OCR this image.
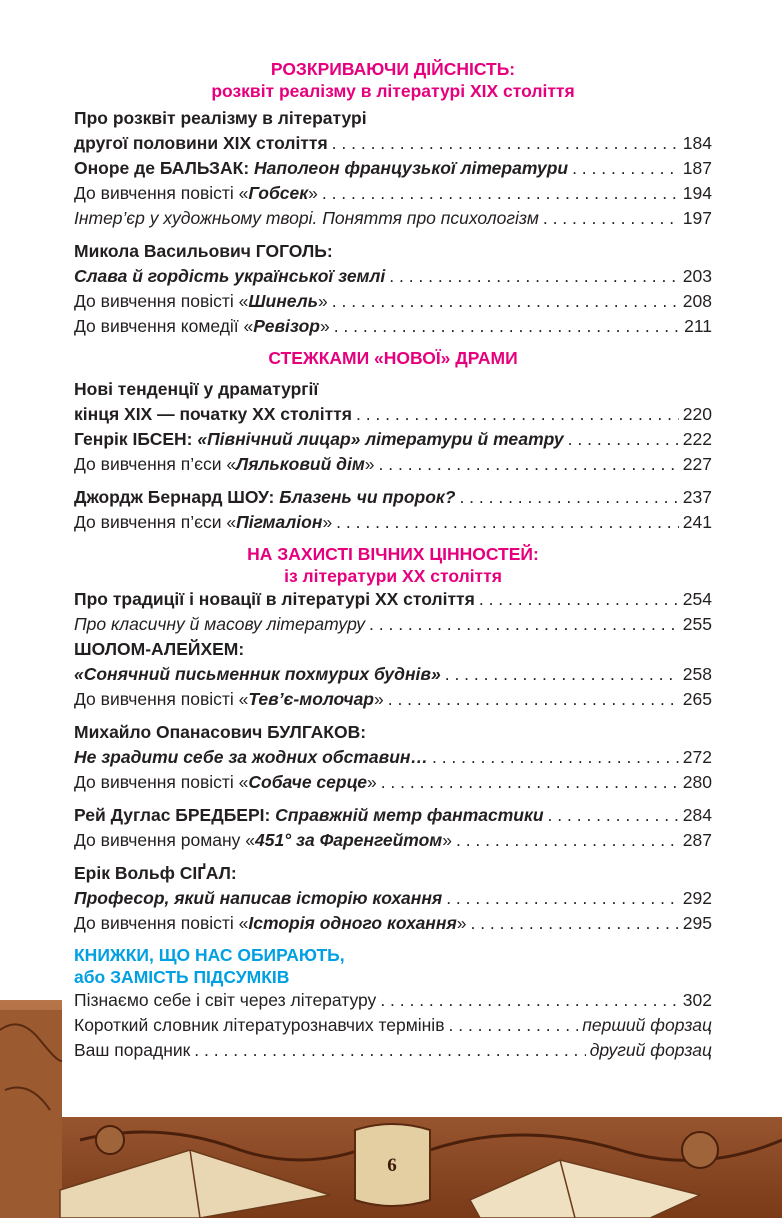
РОЗКРИВАЮЧИ ДІЙСНІСТЬ:
розквіт реалізму в літературі ХІХ століття
Про розквіт реалізму в літературі
другої половини ХІХ століття . . .	184
Оноре де БАЛЬЗАК: Наполеон французької літератури . . .	187
До вивчення повісті «Гобсек» . . .	194
Інтер’єр у художньому творі. Поняття про психологізм . . .	197
Микола Васильович ГОГОЛЬ:
Слава й гордість української землі . . .	203
До вивчення повісті «Шинель» . . .	208
До вивчення комедії «Ревізор» . . .	211
СТЕЖКАМИ «НОВОЇ» ДРАМИ
Нові тенденції у драматургії
кінця ХІХ — початку ХХ століття . . .	220
Генрік ІБСЕН: «Північний лицар» літератури й театру . . .	222
До вивчення п’єси «Ляльковий дім» . . .	227
Джордж Бернард ШОУ: Блазень чи пророк? . . .	237
До вивчення п’єси «Пігмаліон» . . .	241
НА ЗАХИСТІ ВІЧНИХ ЦІННОСТЕЙ:
із літератури ХХ століття
Про традиції і новації в літературі ХХ століття . . .	254
Про класичну й масову літературу . . .	255
ШОЛОМ-АЛЕЙХЕМ:
«Сонячний письменник похмурих буднів» . . .	258
До вивчення повісті «Тев’є-молочар» . . .	265
Михайло Опанасович БУЛГАКОВ:
Не зрадити себе за жодних обставин… . . .	272
До вивчення повісті «Собаче серце» . . .	280
Рей Дуглас БРЕДБЕРІ: Справжній метр фантастики . . .	284
До вивчення роману «451° за Фаренгейтом» . . .	287
Ерік Вольф СІҐАЛ:
Професор, який написав історію кохання . . .	292
До вивчення повісті «Історія одного кохання» . . .	295
КНИЖКИ, ЩО НАС ОБИРАЮТЬ,
або ЗАМІСТЬ ПІДСУМКІВ
Пізнаємо себе і світ через літературу . . .	302
Короткий словник літературознавчих термінів . . .	перший форзац
Ваш порадник . . .	другий форзац
6
